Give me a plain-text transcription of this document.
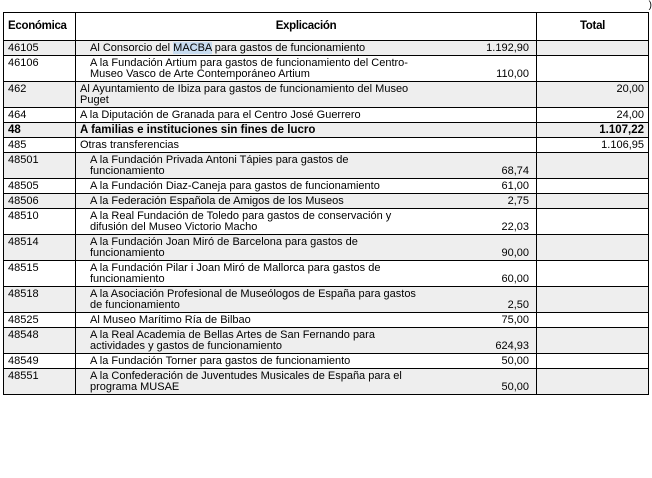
)
Económica	Explicación	Total
46105	Al Consorcio del MACBA para gastos de funcionamiento 1.192,90	

46106	A la Fundación Artium para gastos de funcionamiento del Centro-Museo Vasco de Arte Contemporáneo Artium 110,00	

462	Al Ayuntamiento de Ibiza para gastos de funcionamiento del Museo Puget	20,00
464	A la Diputación de Granada para el Centro José Guerrero	24,00
48	A familias e instituciones sin fines de lucro	1.107,22
485	Otras transferencias	1.106,95
48501	A la Fundación Privada Antoni Tápies para gastos de funcionamiento 68,74	

48505	A la Fundación Diaz-Caneja para gastos de funcionamiento 61,00	

48506	A la Federación Española de Amigos de los Museos 2,75	

48510	A la Real Fundación de Toledo para gastos de conservación y difusión del Museo Victorio Macho 22,03	

48514	A la Fundación Joan Miró de Barcelona para gastos de funcionamiento 90,00	

48515	A la Fundación Pilar i Joan Miró de Mallorca para gastos de funcionamiento 60,00	

48518	A la Asociación Profesional de Museólogos de España para gastos de funcionamiento 2,50	

48525	Al Museo Marítimo Ría de Bilbao 75,00	

48548	A la Real Academia de Bellas Artes de San Fernando para actividades y gastos de funcionamiento 624,93	

48549	A la Fundación Torner para gastos de funcionamiento 50,00	

48551	A la Confederación de Juventudes Musicales de España para el programa MUSAE 50,00	
